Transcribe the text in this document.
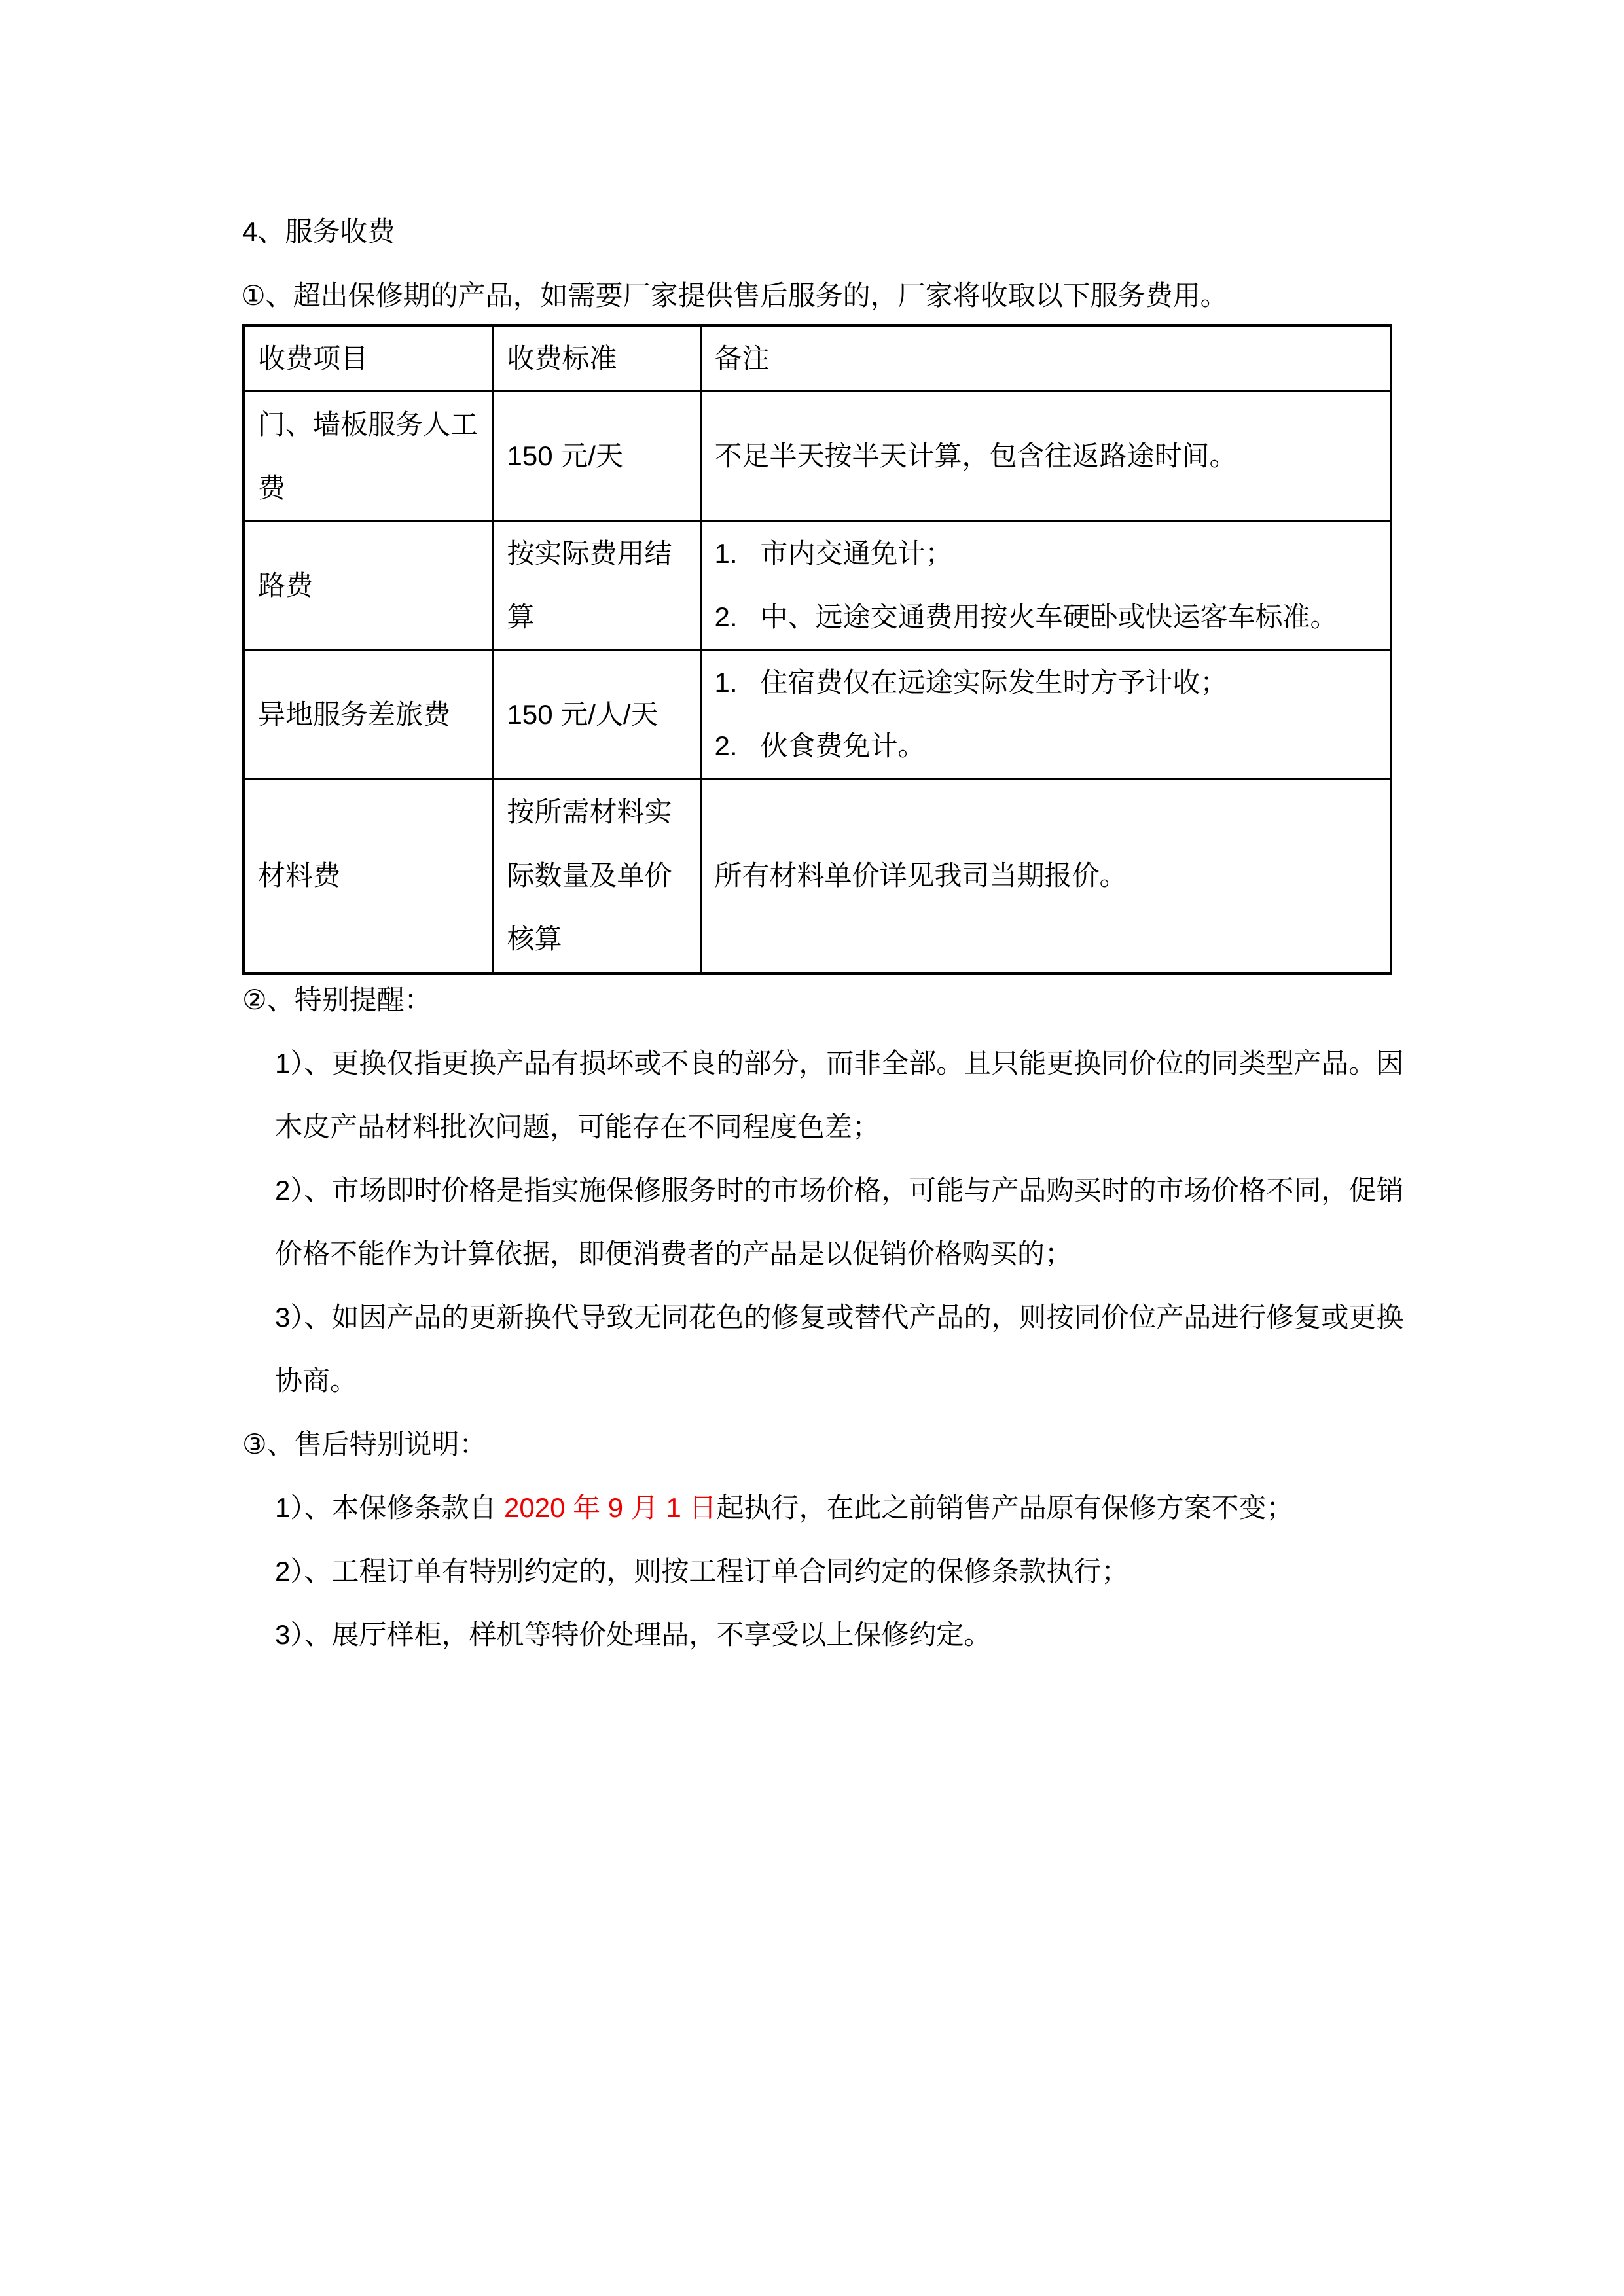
4、服务收费
①、超出保修期的产品，如需要厂家提供售后服务的，厂家将收取以下服务费用。
收费项目	收费标准	备注
门、墙板服务人工费	150 元/天	不足半天按半天计算，包含往返路途时间。

路费	按实际费用结算	1. 市内交通免计；
2. 中、远途交通费用按火车硬卧或快运客车标准。

异地服务差旅费	150 元/人/天	1. 住宿费仅在远途实际发生时方予计收；
2. 伙食费免计。

材料费	按所需材料实际数量及单价核算	所有材料单价详见我司当期报价。

②、特别提醒：

1）、更换仅指更换产品有损坏或不良的部分，而非全部。且只能更换同价位的同类型产品。因木皮产品材料批次问题，可能存在不同程度色差；

2）、市场即时价格是指实施保修服务时的市场价格，可能与产品购买时的市场价格不同，促销价格不能作为计算依据，即便消费者的产品是以促销价格购买的；

3）、如因产品的更新换代导致无同花色的修复或替代产品的，则按同价位产品进行修复或更换协商。

③、售后特别说明：

1）、本保修条款自 2020 年 9 月 1 日起执行，在此之前销售产品原有保修方案不变；

2）、工程订单有特别约定的，则按工程订单合同约定的保修条款执行；

3）、展厅样柜，样机等特价处理品，不享受以上保修约定。
